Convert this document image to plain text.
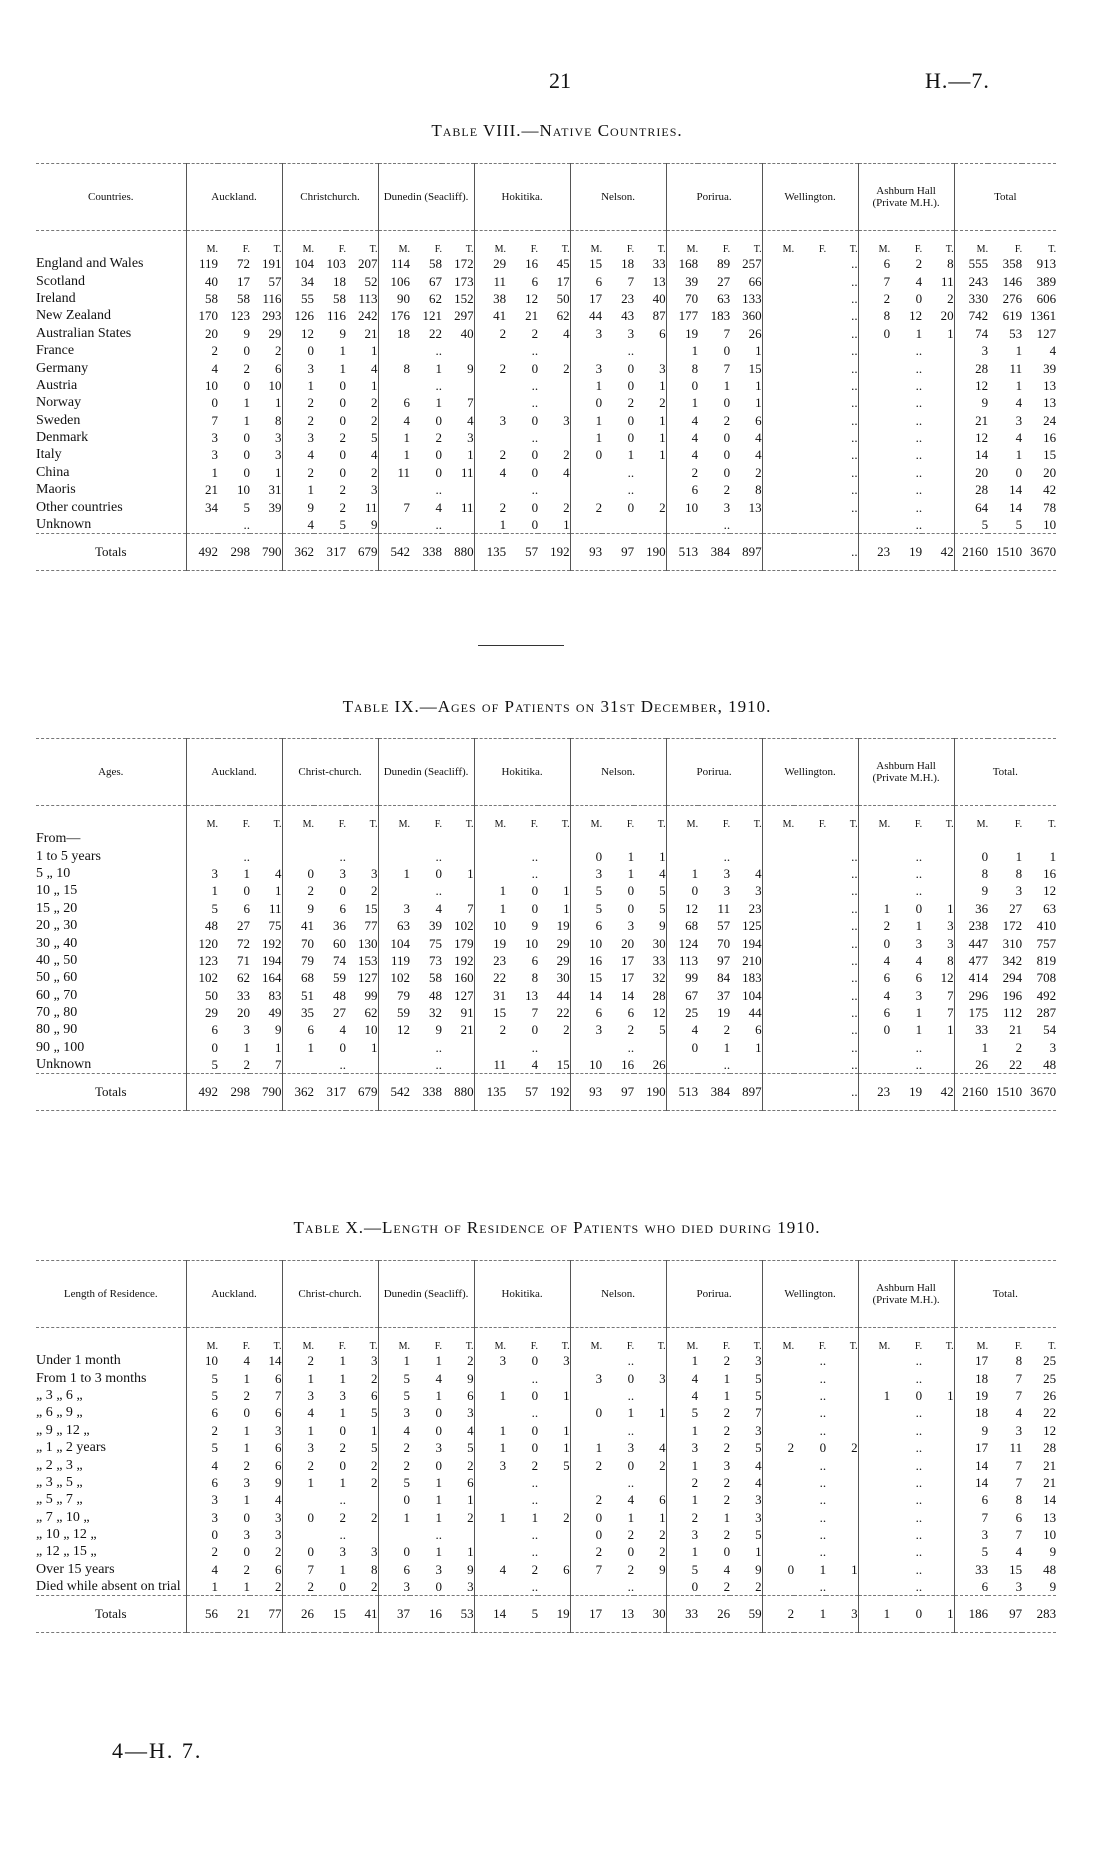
21	H.—7.
Table VIII.—Native Countries.
Countries.	Auckland.			Christchurch.			Dunedin (Seacliff).			Hokitika.			Nelson.			Porirua.			Wellington.			Ashburn Hall (Private M.H.).			Total		
	M.	F.	T.	M.	F.	T.	M.	F.	T.	M.	F.	T.	M.	F.	T.	M.	F.	T.	M.	F.	T.	M.	F.	T.	M.	F.	T.
England and Wales	119	72	191	104	103	207	114	58	172	29	16	45	15	18	33	168	89	257			..	6	2	8	555	358	913
Scotland	40	17	57	34	18	52	106	67	173	11	6	17	6	7	13	39	27	66			..	7	4	11	243	146	389
Ireland	58	58	116	55	58	113	90	62	152	38	12	50	17	23	40	70	63	133			..	2	0	2	330	276	606
New Zealand	170	123	293	126	116	242	176	121	297	41	21	62	44	43	87	177	183	360			..	8	12	20	742	619	1361
Australian States	20	9	29	12	9	21	18	22	40	2	2	4	3	3	6	19	7	26			..	0	1	1	74	53	127
France	2	0	2	0	1	1		..			..			..		1	0	1			..		..		3	1	4
Germany	4	2	6	3	1	4	8	1	9	2	0	2	3	0	3	8	7	15			..		..		28	11	39
Austria	10	0	10	1	0	1		..			..		1	0	1	0	1	1			..		..		12	1	13
Norway	0	1	1	2	0	2	6	1	7		..		0	2	2	1	0	1			..		..		9	4	13
Sweden	7	1	8	2	0	2	4	0	4	3	0	3	1	0	1	4	2	6			..		..		21	3	24
Denmark	3	0	3	3	2	5	1	2	3		..		1	0	1	4	0	4			..		..		12	4	16
Italy	3	0	3	4	0	4	1	0	1	2	0	2	0	1	1	4	0	4			..		..		14	1	15
China	1	0	1	2	0	2	11	0	11	4	0	4		..		2	0	2			..		..		20	0	20
Maoris	21	10	31	1	2	3		..			..			..		6	2	8			..		..		28	14	42
Other countries	34	5	39	9	2	11	7	4	11	2	0	2	2	0	2	10	3	13			..		..		64	14	78
Unknown		..		4	5	9		..		1	0	1					..						..		5	5	10
Totals	492	298	790	362	317	679	542	338	880	135	57	192	93	97	190	513	384	897			..	23	19	42	2160	1510	3670
Table IX.—Ages of Patients on 31st December, 1910.
Ages.	Auckland.			Christ-church.			Dunedin (Seacliff).			Hokitika.			Nelson.			Porirua.			Wellington.			Ashburn Hall (Private M.H.).			Total.		
	M.	F.	T.	M.	F.	T.	M.	F.	T.	M.	F.	T.	M.	F.	T.	M.	F.	T.	M.	F.	T.	M.	F.	T.	M.	F.	T.
From—																											
1 to 5 years		..			..			..			..		0	1	1		..				..		..		0	1	1
5 „ 10	3	1	4	0	3	3	1	0	1		..		3	1	4	1	3	4			..		..		8	8	16
10 „ 15	1	0	1	2	0	2		..		1	0	1	5	0	5	0	3	3			..		..		9	3	12
15 „ 20	5	6	11	9	6	15	3	4	7	1	0	1	5	0	5	12	11	23			..	1	0	1	36	27	63
20 „ 30	48	27	75	41	36	77	63	39	102	10	9	19	6	3	9	68	57	125			..	2	1	3	238	172	410
30 „ 40	120	72	192	70	60	130	104	75	179	19	10	29	10	20	30	124	70	194			..	0	3	3	447	310	757
40 „ 50	123	71	194	79	74	153	119	73	192	23	6	29	16	17	33	113	97	210			..	4	4	8	477	342	819
50 „ 60	102	62	164	68	59	127	102	58	160	22	8	30	15	17	32	99	84	183			..	6	6	12	414	294	708
60 „ 70	50	33	83	51	48	99	79	48	127	31	13	44	14	14	28	67	37	104			..	4	3	7	296	196	492
70 „ 80	29	20	49	35	27	62	59	32	91	15	7	22	6	6	12	25	19	44			..	6	1	7	175	112	287
80 „ 90	6	3	9	6	4	10	12	9	21	2	0	2	3	2	5	4	2	6			..	0	1	1	33	21	54
90 „ 100	0	1	1	1	0	1		..			..			..		0	1	1			..		..		1	2	3
Unknown	5	2	7		..			..		11	4	15	10	16	26		..				..		..		26	22	48
Totals	492	298	790	362	317	679	542	338	880	135	57	192	93	97	190	513	384	897			..	23	19	42	2160	1510	3670
Table X.—Length of Residence of Patients who died during 1910.
Length of Residence.	Auckland.			Christ-church.			Dunedin (Seacliff).			Hokitika.			Nelson.			Porirua.			Wellington.			Ashburn Hall (Private M.H.).			Total.		
	M.	F.	T.	M.	F.	T.	M.	F.	T.	M.	F.	T.	M.	F.	T.	M.	F.	T.	M.	F.	T.	M.	F.	T.	M.	F.	T.
Under 1 month	10	4	14	2	1	3	1	1	2	3	0	3		..		1	2	3		..			..		17	8	25
From 1 to 3 months	5	1	6	1	1	2	5	4	9		..		3	0	3	4	1	5		..			..		18	7	25
„ 3 „ 6 „	5	2	7	3	3	6	5	1	6	1	0	1		..		4	1	5		..		1	0	1	19	7	26
„ 6 „ 9 „	6	0	6	4	1	5	3	0	3		..		0	1	1	5	2	7		..			..		18	4	22
„ 9 „ 12 „	2	1	3	1	0	1	4	0	4	1	0	1		..		1	2	3		..			..		9	3	12
„ 1 „ 2 years	5	1	6	3	2	5	2	3	5	1	0	1	1	3	4	3	2	5	2	0	2		..		17	11	28
„ 2 „ 3 „	4	2	6	2	0	2	2	0	2	3	2	5	2	0	2	1	3	4		..			..		14	7	21
„ 3 „ 5 „	6	3	9	1	1	2	5	1	6		..			..		2	2	4		..			..		14	7	21
„ 5 „ 7 „	3	1	4		..		0	1	1		..		2	4	6	1	2	3		..			..		6	8	14
„ 7 „ 10 „	3	0	3	0	2	2	1	1	2	1	1	2	0	1	1	2	1	3		..			..		7	6	13
„ 10 „ 12 „	0	3	3		..			..			..		0	2	2	3	2	5		..			..		3	7	10
„ 12 „ 15 „	2	0	2	0	3	3	0	1	1		..		2	0	2	1	0	1		..			..		5	4	9
Over 15 years	4	2	6	7	1	8	6	3	9	4	2	6	7	2	9	5	4	9	0	1	1		..		33	15	48
Died while absent on trial	1	1	2	2	0	2	3	0	3		..			..		0	2	2		..			..		6	3	9
Totals	56	21	77	26	15	41	37	16	53	14	5	19	17	13	30	33	26	59	2	1	3	1	0	1	186	97	283
4—H. 7.
